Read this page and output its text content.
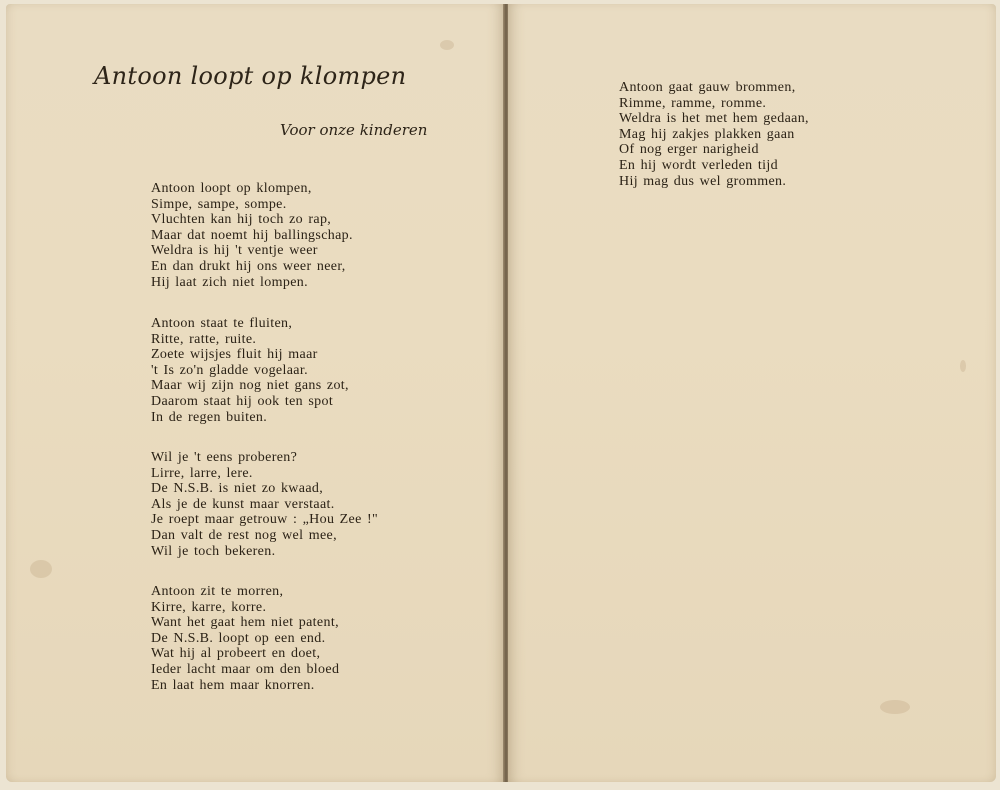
Antoon loopt op klompen
Voor onze kinderen
Antoon loopt op klompen,
Simpe, sampe, sompe.
Vluchten kan hij toch zo rap,
Maar dat noemt hij ballingschap.
Weldra is hij 't ventje weer
En dan drukt hij ons weer neer,
Hij laat zich niet lompen.
Antoon staat te fluiten,
Ritte, ratte, ruite.
Zoete wijsjes fluit hij maar
't Is zo'n gladde vogelaar.
Maar wij zijn nog niet gans zot,
Daarom staat hij ook ten spot
In de regen buiten.
Wil je 't eens proberen?
Lirre, larre, lere.
De N.S.B. is niet zo kwaad,
Als je de kunst maar verstaat.
Je roept maar getrouw : „Hou Zee !"
Dan valt de rest nog wel mee,
Wil je toch bekeren.
Antoon zit te morren,
Kirre, karre, korre.
Want het gaat hem niet patent,
De N.S.B. loopt op een end.
Wat hij al probeert en doet,
Ieder lacht maar om den bloed
En laat hem maar knorren.
Antoon gaat gauw brommen,
Rimme, ramme, romme.
Weldra is het met hem gedaan,
Mag hij zakjes plakken gaan
Of nog erger narigheid
En hij wordt verleden tijd
Hij mag dus wel grommen.
